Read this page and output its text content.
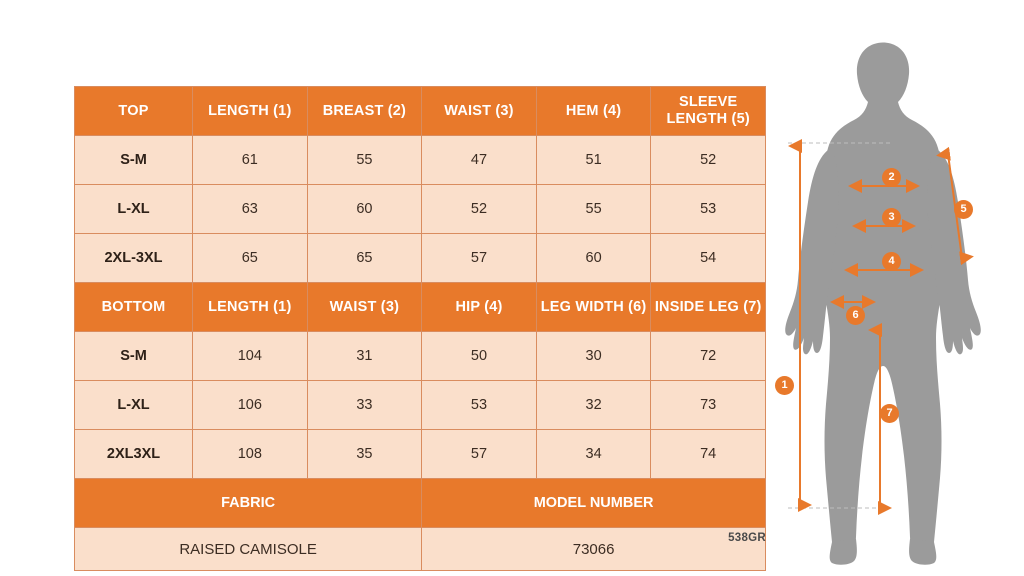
TOP	LENGTH (1)	BREAST (2)	WAIST (3)	HEM (4)	SLEEVE LENGTH (5)
S-M	61	55	47	51	52
L-XL	63	60	52	55	53
2XL-3XL	65	65	57	60	54
BOTTOM	LENGTH (1)	WAIST (3)	HIP (4)	LEG WIDTH (6)	INSIDE LEG (7)
S-M	104	31	50	30	72
L-XL	106	33	53	32	73
2XL3XL	108	35	57	34	74
FABRIC			MODEL NUMBER		
RAISED CAMISOLE			73066		
538GR
1
2
3
4
5
6
7
